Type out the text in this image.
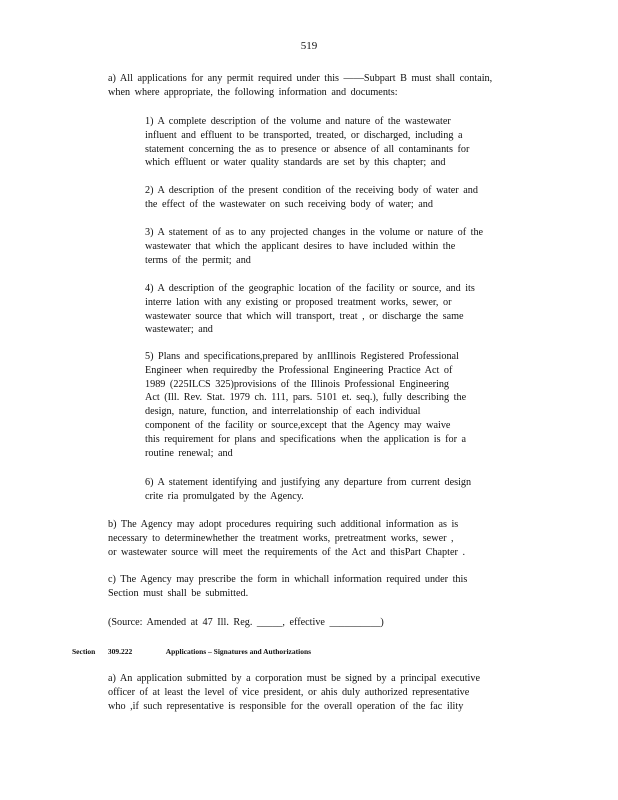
519
a) All applications for any permit required under this ——Subpart B must shall contain,
when where appropriate, the following information and documents:
1) A complete description of the volume and nature of the wastewater
influent and effluent to be transported, treated, or discharged, including a
statement concerning the as to presence or absence of all contaminants for
which effluent or water quality standards are set by this chapter; and
2) A description of the present condition of the receiving body of water and
the effect of the wastewater on such receiving body of water; and
3) A statement of as to any projected changes in the volume or nature of the
wastewater that which the applicant desires to have included within the
terms of the permit; and
4) A description of the geographic location of the facility or source, and its
interre lation with any existing or proposed treatment works, sewer, or
wastewater source that which will transport, treat , or discharge the same
wastewater; and
5) Plans and specifications,prepared by anIllinois Registered Professional
Engineer when requiredby the Professional Engineering Practice Act of
1989 (225ILCS 325)provisions of the Illinois Professional Engineering
Act (Ill. Rev. Stat. 1979 ch. 111, pars. 5101 et. seq.), fully describing the
design, nature, function, and interrelationship of each individual
component of the facility or source,except that the Agency may waive
this requirement for plans and specifications when the application is for a
routine renewal; and
6) A statement identifying and justifying any departure from current design
crite ria promulgated by the Agency.
b) The Agency may adopt procedures requiring such additional information as is
necessary to determinewhether the treatment works, pretreatment works, sewer ,
or wastewater source will meet the requirements of the Act and thisPart Chapter .
c) The Agency may prescribe the form in whichall information required under this
Section must shall be submitted.
(Source: Amended at 47 Ill. Reg. _____, effective __________)
Section 309.222	Applications – Signatures and Authorizations
a) An application submitted by a corporation must be signed by a principal executive
officer of at least the level of vice president, or ahis duly authorized representative
who ,if such representative is responsible for the overall operation of the fac ility
